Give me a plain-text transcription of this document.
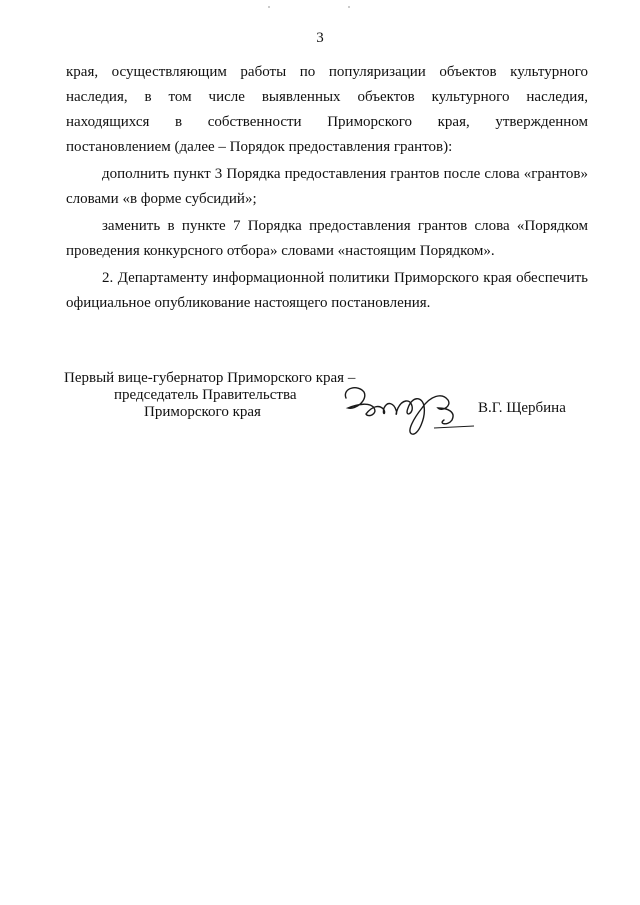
3

края, осуществляющим работы по популяризации объектов культурного

наследия, в том числе выявленных объектов культурного наследия,

находящихся в собственности Приморского края, утвержденном

постановлением (далее – Порядок предоставления грантов):

дополнить пункт 3 Порядка предоставления грантов после слова «грантов» словами «в форме субсидий»;

заменить в пункте 7 Порядка предоставления грантов слова «Порядком проведения конкурсного отбора» словами «настоящим Порядком».

2. Департаменту информационной политики Приморского края обеспечить официальное опубликование настоящего постановления.

Первый вице-губернатор Приморского края –
председатель Правительства
Приморского края	В.Г. Щербина
